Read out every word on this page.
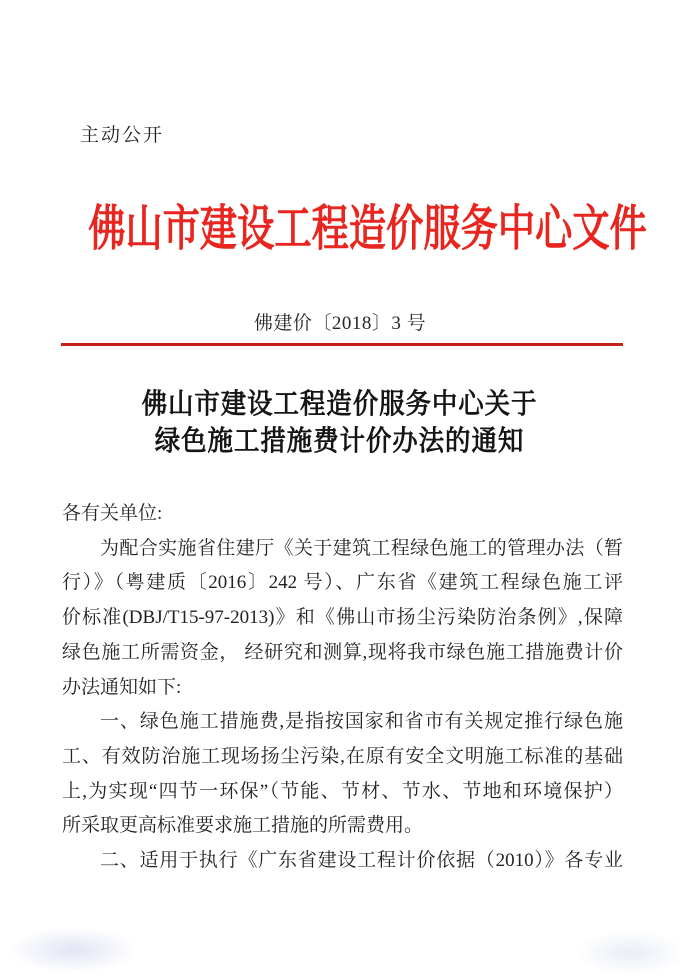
主动公开
佛山市建设工程造价服务中心文件
佛建价〔2018〕3 号
佛山市建设工程造价服务中心关于
绿色施工措施费计价办法的通知
各有关单位:
为配合实施省住建厅《关于建筑工程绿色施工的管理办法（暂
行）》（粤建质〔2016〕242 号）、广东省《建筑工程绿色施工评
价标准(DBJ/T15-97-2013)》和《佛山市扬尘污染防治条例》,保障
绿色施工所需资金， 经研究和测算,现将我市绿色施工措施费计价
办法通知如下:
一、绿色施工措施费,是指按国家和省市有关规定推行绿色施
工、有效防治施工现场扬尘污染,在原有安全文明施工标准的基础
上,为实现“四节一环保”（节能、节材、节水、节地和环境保护）
所采取更高标准要求施工措施的所需费用。
二、适用于执行《广东省建设工程计价依据（2010）》各专业
